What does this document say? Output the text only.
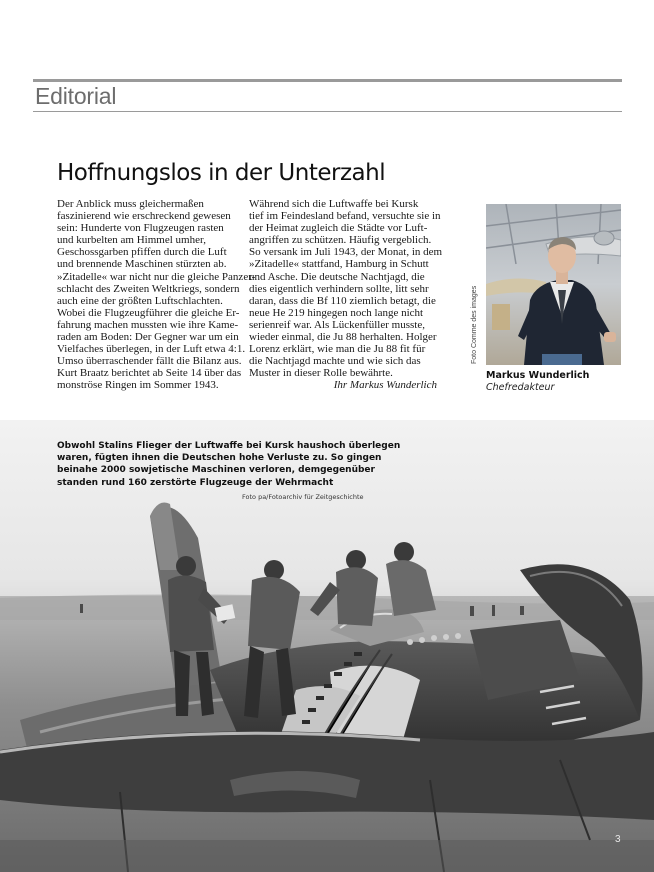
Editorial
Hoffnungslos in der Unterzahl

Der Anblick muss gleichermaßen
faszinierend wie erschreckend gewesen
sein: Hunderte von Flugzeugen rasten
und kurbelten am Himmel umher,
Geschossgarben pfiffen durch die Luft
und brennende Maschinen stürzten ab.
»Zitadelle« war nicht nur die gleiche Panzer-
schlacht des Zweiten Weltkriegs, sondern
auch eine der größten Luftschlachten.
Wobei die Flugzeugführer die gleiche Er-
fahrung machen mussten wie ihre Kame-
raden am Boden: Der Gegner war um ein
Vielfaches überlegen, in der Luft etwa 4:1.
Umso überraschender fällt die Bilanz aus.
Kurt Braatz berichtet ab Seite 14 über das
monströse Ringen im Sommer 1943.

Während sich die Luftwaffe bei Kursk
tief im Feindesland befand, versuchte sie in
der Heimat zugleich die Städte vor Luft-
angriffen zu schützen. Häufig vergeblich.
So versank im Juli 1943, der Monat, in dem
»Zitadelle« stattfand, Hamburg in Schutt
und Asche. Die deutsche Nachtjagd, die
dies eigentlich verhindern sollte, litt sehr
daran, dass die Bf 110 ziemlich betagt, die
neue He 219 hingegen noch lange nicht
serienreif war. Als Lückenfüller musste,
wieder einmal, die Ju 88 herhalten. Holger
Lorenz erklärt, wie man die Ju 88 fit für
die Nachtjagd machte und wie sich das
Muster in dieser Rolle bewährte.
Ihr Markus Wunderlich

Foto Comme des images
Markus Wunderlich
Chefredakteur
Obwohl Stalins Flieger der Luftwaffe bei Kursk haushoch überlegen
waren, fügten ihnen die Deutschen hohe Verluste zu. So gingen
beinahe 2000 sowjetische Maschinen verloren, demgegenüber
standen rund 160 zerstörte Flugzeuge der Wehrmacht
Foto pa/Fotoarchiv für Zeitgeschichte
3
